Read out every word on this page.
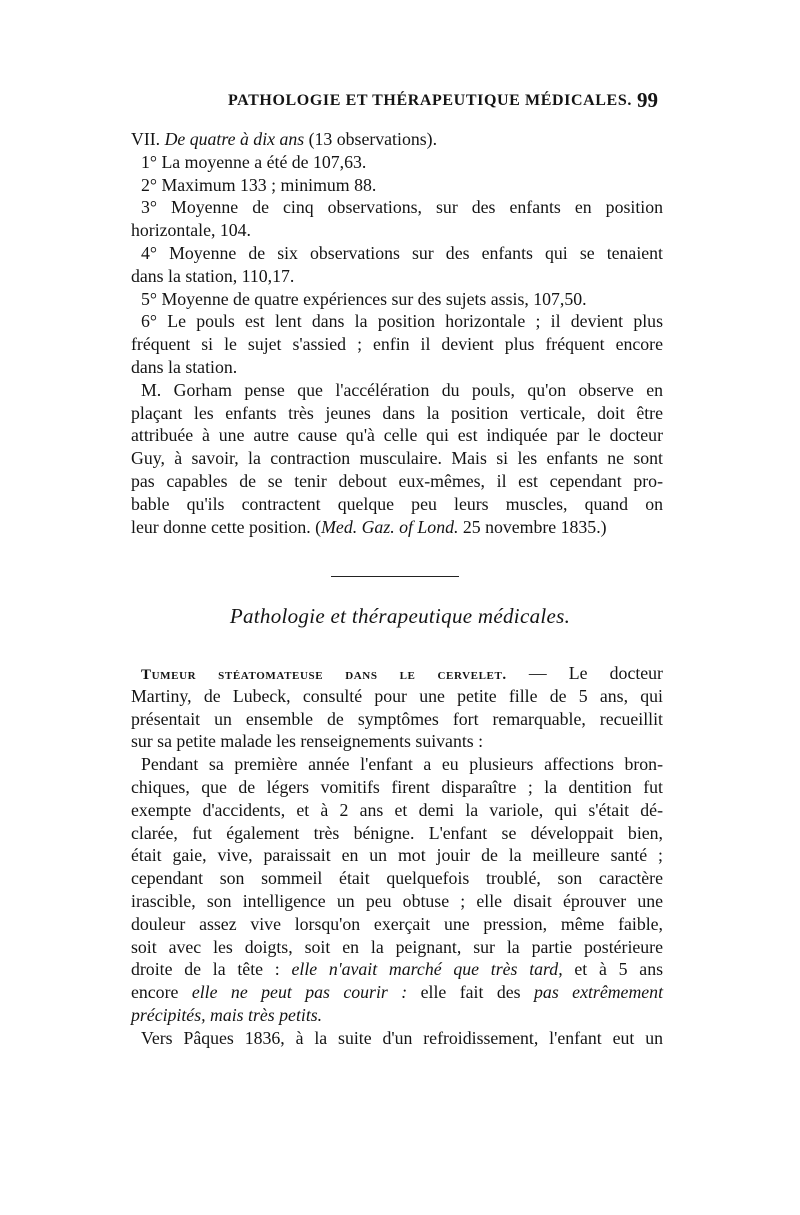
PATHOLOGIE ET THÉRAPEUTIQUE MÉDICALES. 99
VII. De quatre à dix ans (13 observations).
1° La moyenne a été de 107,63.
2° Maximum 133 ; minimum 88.
3° Moyenne de cinq observations, sur des enfants en position
horizontale, 104.
4° Moyenne de six observations sur des enfants qui se tenaient
dans la station, 110,17.
5° Moyenne de quatre expériences sur des sujets assis, 107,50.
6° Le pouls est lent dans la position horizontale ; il devient plus
fréquent si le sujet s'assied ; enfin il devient plus fréquent encore
dans la station.
M. Gorham pense que l'accélération du pouls, qu'on observe en
plaçant les enfants très jeunes dans la position verticale, doit être
attribuée à une autre cause qu'à celle qui est indiquée par le docteur
Guy, à savoir, la contraction musculaire. Mais si les enfants ne sont
pas capables de se tenir debout eux-mêmes, il est cependant pro-
bable qu'ils contractent quelque peu leurs muscles, quand on
leur donne cette position. (Med. Gaz. of Lond. 25 novembre 1835.)
Pathologie et thérapeutique médicales.
Tumeur stéatomateuse dans le cervelet. — Le docteur
Martiny, de Lubeck, consulté pour une petite fille de 5 ans, qui
présentait un ensemble de symptômes fort remarquable, recueillit
sur sa petite malade les renseignements suivants :
Pendant sa première année l'enfant a eu plusieurs affections bron-
chiques, que de légers vomitifs firent disparaître ; la dentition fut
exempte d'accidents, et à 2 ans et demi la variole, qui s'était dé-
clarée, fut également très bénigne. L'enfant se développait bien,
était gaie, vive, paraissait en un mot jouir de la meilleure santé ;
cependant son sommeil était quelquefois troublé, son caractère
irascible, son intelligence un peu obtuse ; elle disait éprouver une
douleur assez vive lorsqu'on exerçait une pression, même faible,
soit avec les doigts, soit en la peignant, sur la partie postérieure
droite de la tête : elle n'avait marché que très tard, et à 5 ans
encore elle ne peut pas courir : elle fait des pas extrêmement
précipités, mais très petits.
Vers Pâques 1836, à la suite d'un refroidissement, l'enfant eut un
